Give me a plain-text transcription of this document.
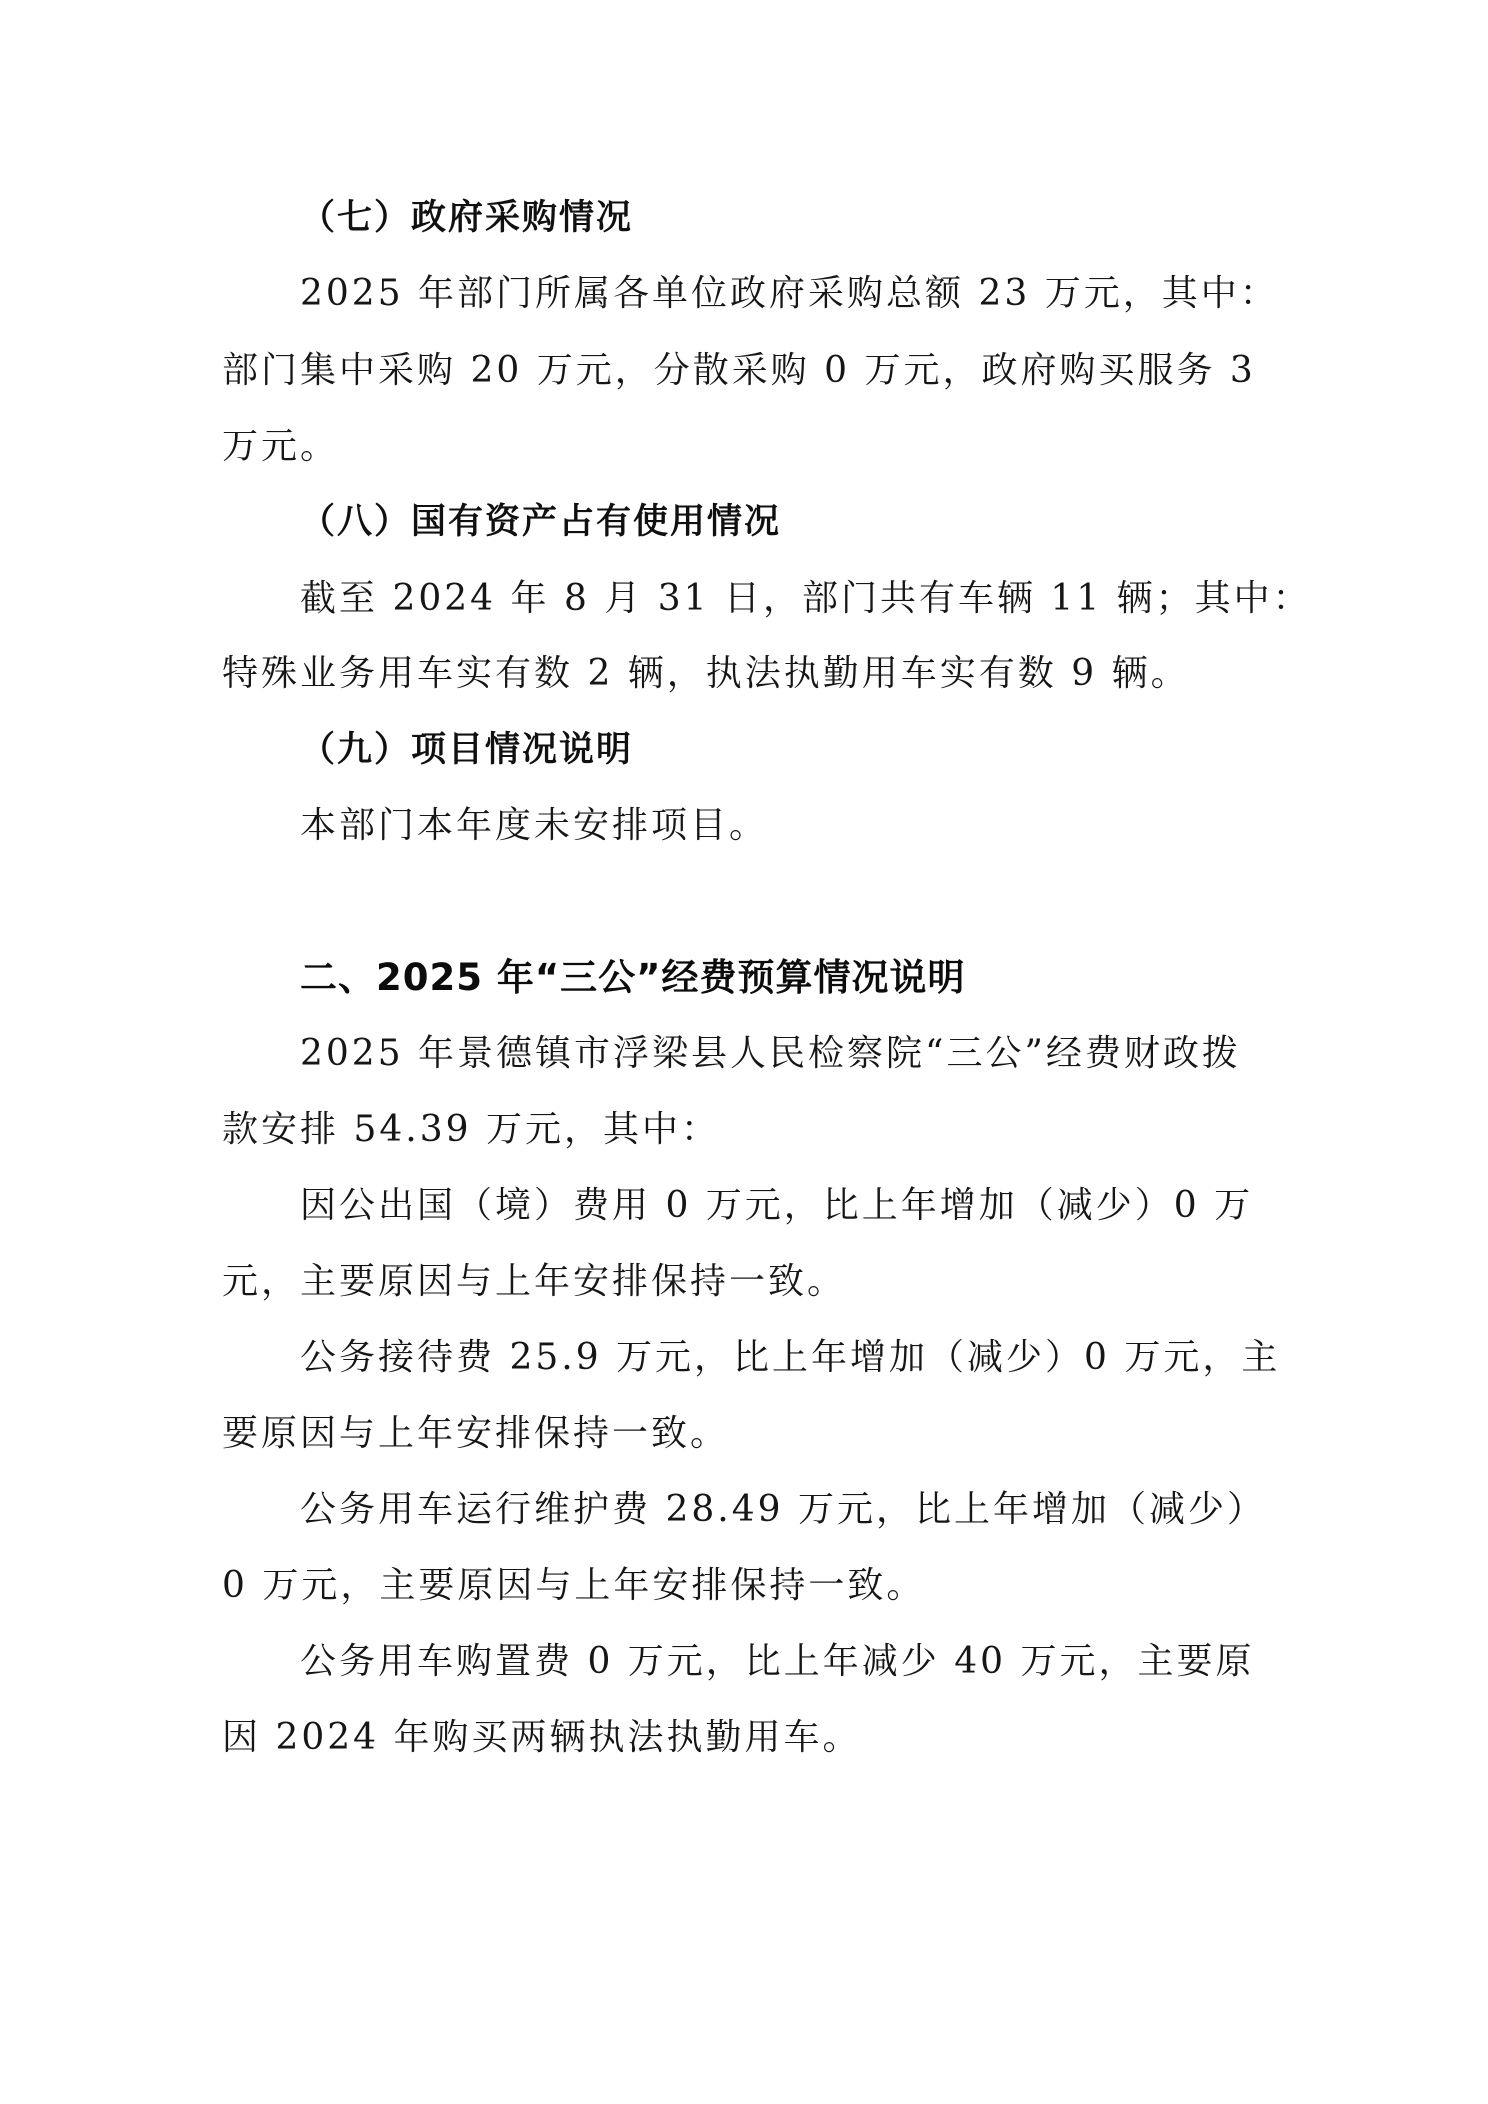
（七）政府采购情况
2025 年部门所属各单位政府采购总额 23 万元，其中：
部门集中采购 20 万元，分散采购 0 万元，政府购买服务 3
万元。
（八）国有资产占有使用情况
截至 2024 年 8 月 31 日，部门共有车辆 11 辆；其中：
特殊业务用车实有数 2 辆，执法执勤用车实有数 9 辆。
（九）项目情况说明
本部门本年度未安排项目。
二、2025 年“三公”经费预算情况说明
2025 年景德镇市浮梁县人民检察院“三公”经费财政拨
款安排 54.39 万元，其中：
因公出国（境）费用 0 万元，比上年增加（减少）0 万
元，主要原因与上年安排保持一致。
公务接待费 25.9 万元，比上年增加（减少）0 万元，主
要原因与上年安排保持一致。
公务用车运行维护费 28.49 万元，比上年增加（减少）
0 万元，主要原因与上年安排保持一致。
公务用车购置费 0 万元，比上年减少 40 万元，主要原
因 2024 年购买两辆执法执勤用车。
